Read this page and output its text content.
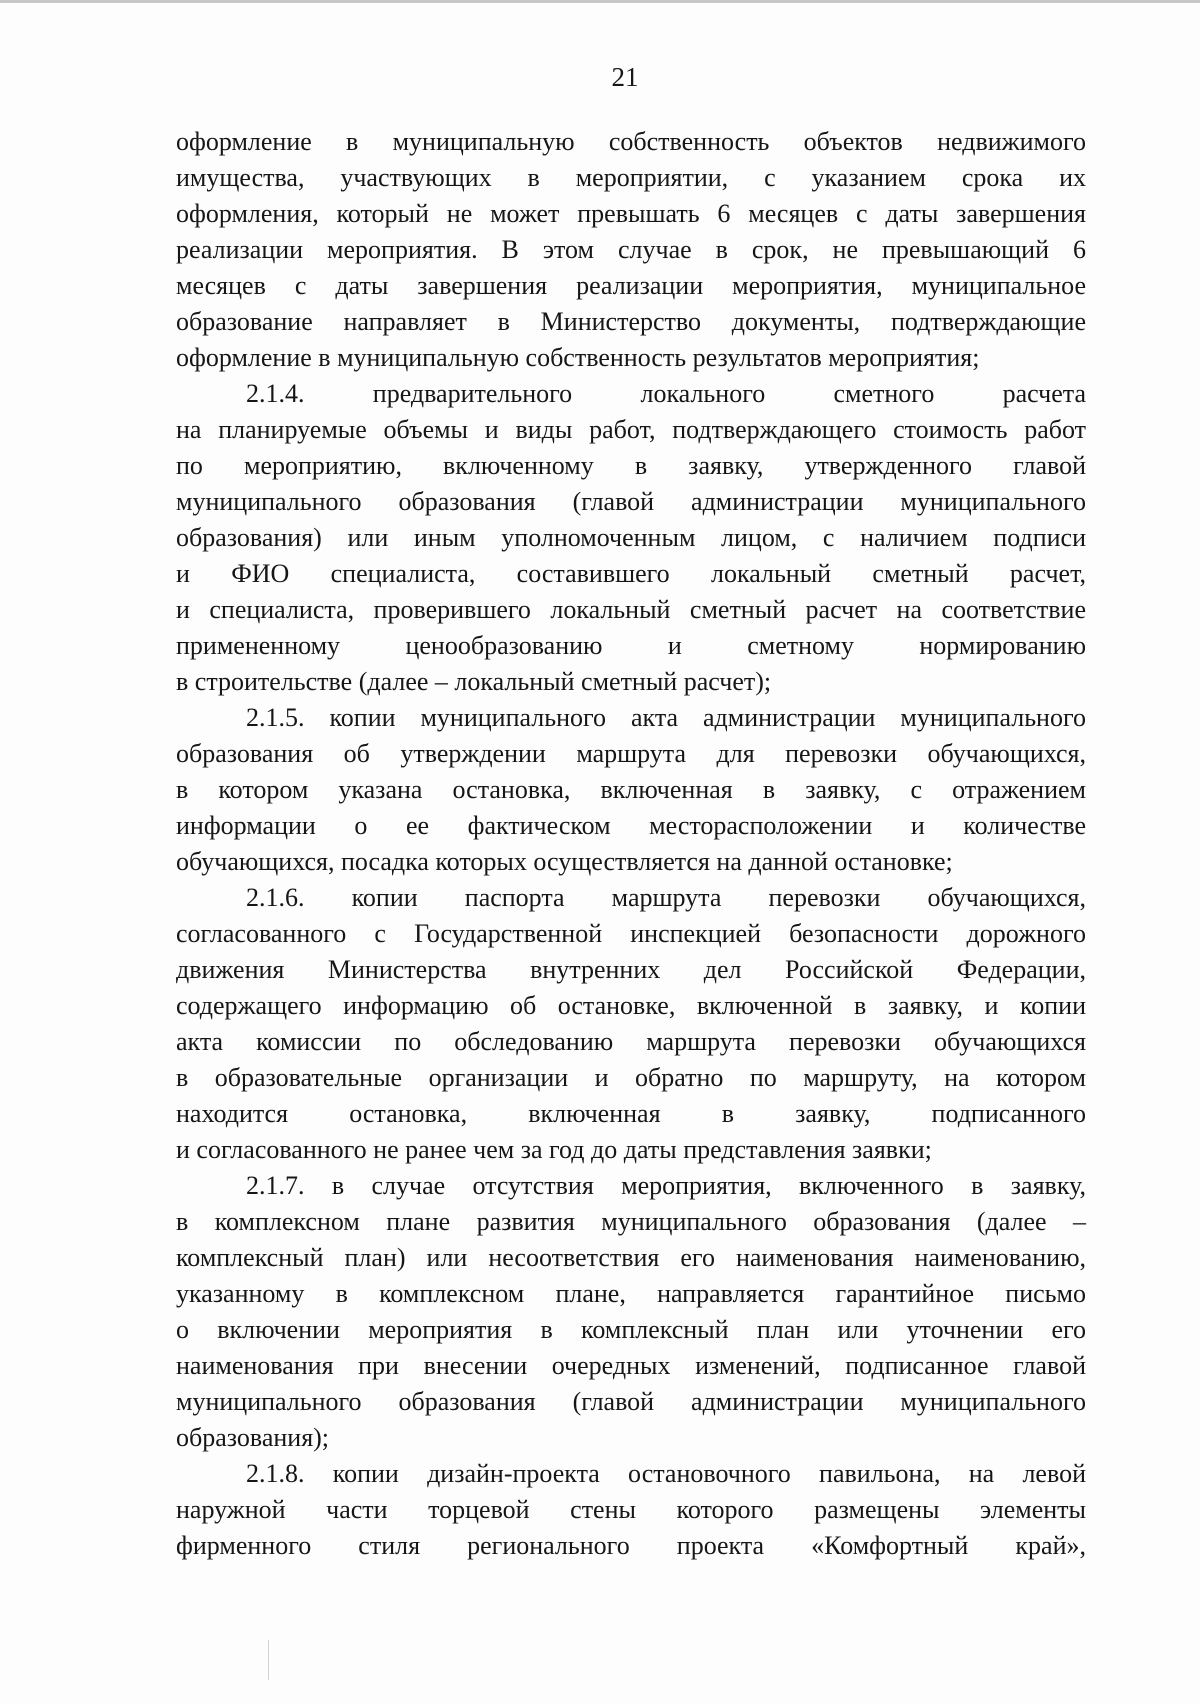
21
оформление в муниципальную собственность объектов недвижимого
имущества, участвующих в мероприятии, с указанием срока их
оформления, который не может превышать 6 месяцев с даты завершения
реализации мероприятия. В этом случае в срок, не превышающий 6
месяцев с даты завершения реализации мероприятия, муниципальное
образование направляет в Министерство документы, подтверждающие
оформление в муниципальную собственность результатов мероприятия;
2.1.4. предварительного локального сметного расчета
на планируемые объемы и виды работ, подтверждающего стоимость работ
по мероприятию, включенному в заявку, утвержденного главой
муниципального образования (главой администрации муниципального
образования) или иным уполномоченным лицом, с наличием подписи
и ФИО специалиста, составившего локальный сметный расчет,
и специалиста, проверившего локальный сметный расчет на соответствие
примененному ценообразованию и сметному нормированию
в строительстве (далее – локальный сметный расчет);
2.1.5. копии муниципального акта администрации муниципального
образования об утверждении маршрута для перевозки обучающихся,
в котором указана остановка, включенная в заявку, с отражением
информации о ее фактическом месторасположении и количестве
обучающихся, посадка которых осуществляется на данной остановке;
2.1.6. копии паспорта маршрута перевозки обучающихся,
согласованного с Государственной инспекцией безопасности дорожного
движения Министерства внутренних дел Российской Федерации,
содержащего информацию об остановке, включенной в заявку, и копии
акта комиссии по обследованию маршрута перевозки обучающихся
в образовательные организации и обратно по маршруту, на котором
находится остановка, включенная в заявку, подписанного
и согласованного не ранее чем за год до даты представления заявки;
2.1.7. в случае отсутствия мероприятия, включенного в заявку,
в комплексном плане развития муниципального образования (далее –
комплексный план) или несоответствия его наименования наименованию,
указанному в комплексном плане, направляется гарантийное письмо
о включении мероприятия в комплексный план или уточнении его
наименования при внесении очередных изменений, подписанное главой
муниципального образования (главой администрации муниципального
образования);
2.1.8. копии дизайн-проекта остановочного павильона, на левой
наружной части торцевой стены которого размещены элементы
фирменного стиля регионального проекта «Комфортный край»,
